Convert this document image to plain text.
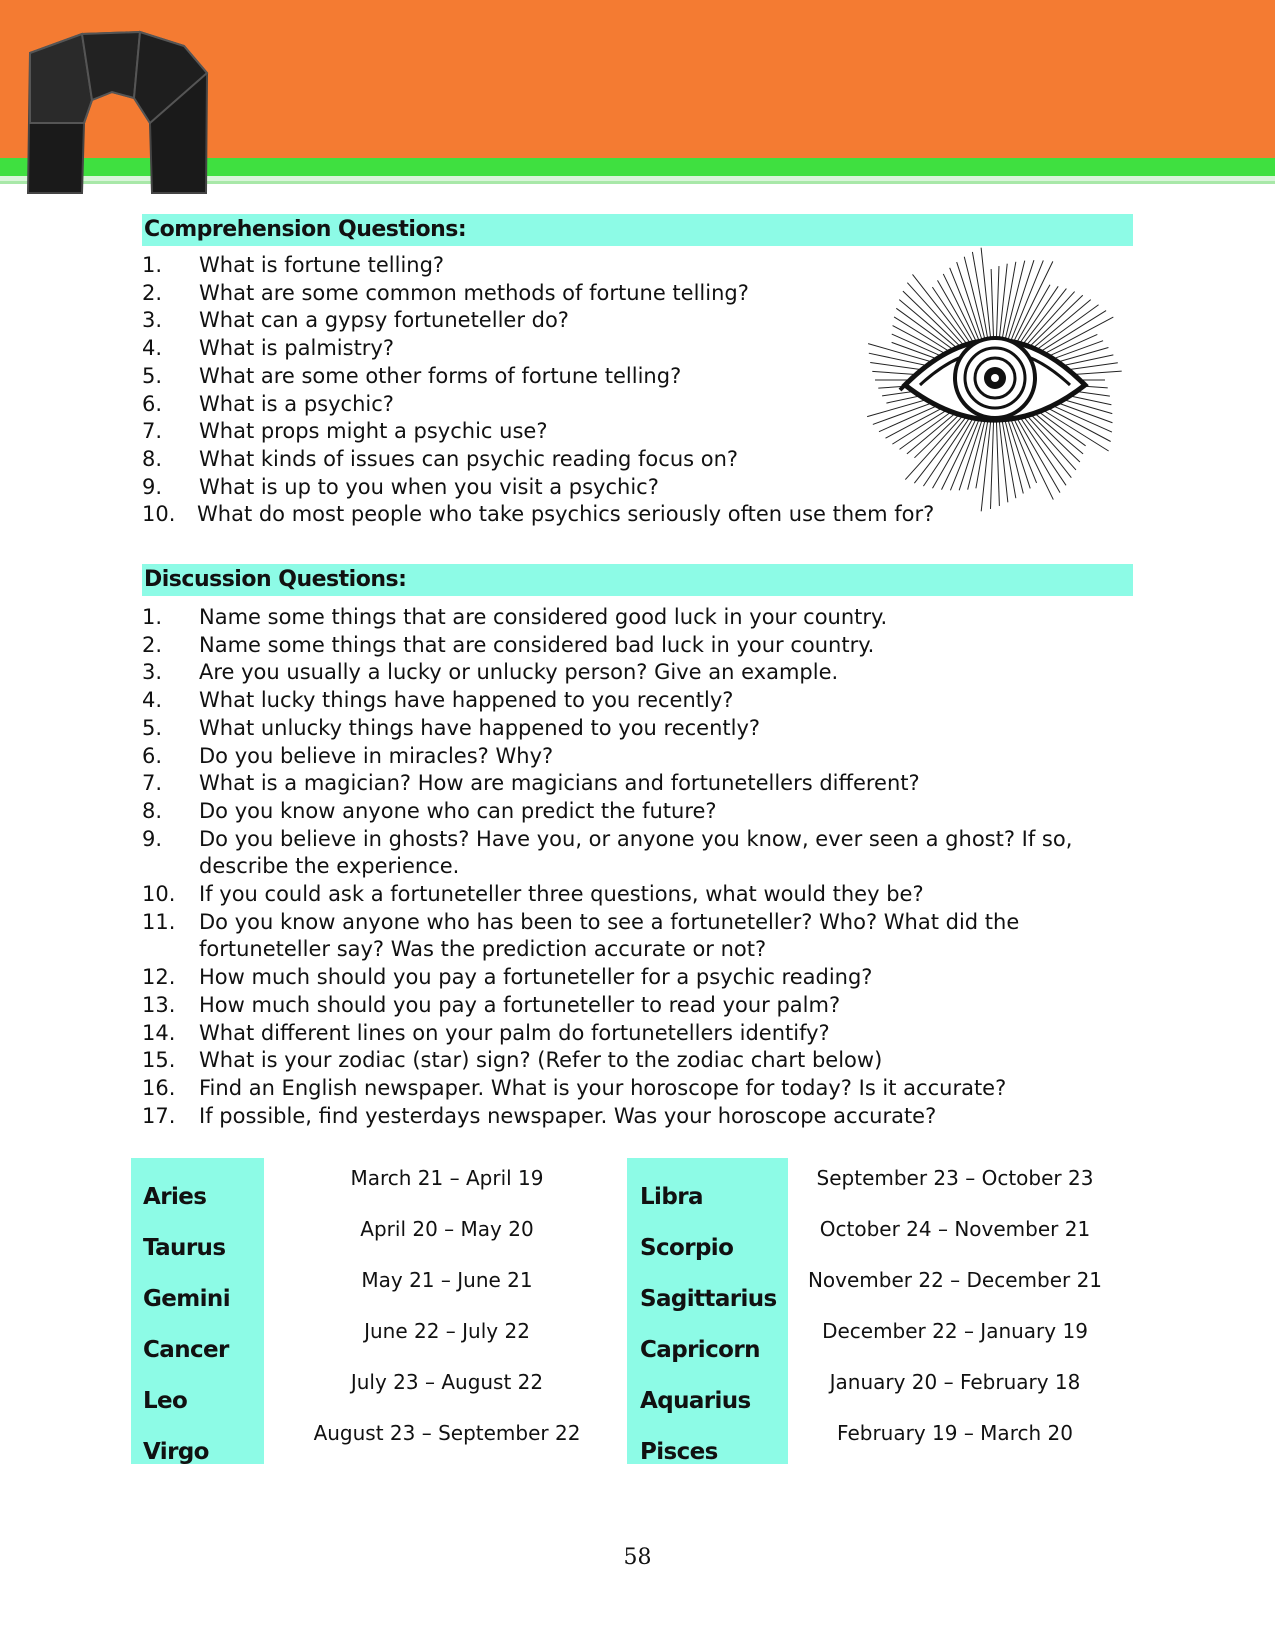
Comprehension Questions:
1. What is fortune telling?
2. What are some common methods of fortune telling?
3. What can a gypsy fortuneteller do?
4. What is palmistry?
5. What are some other forms of fortune telling?
6. What is a psychic?
7. What props might a psychic use?
8. What kinds of issues can psychic reading focus on?
9. What is up to you when you visit a psychic?
10. What do most people who take psychics seriously often use them for?
Discussion Questions:
1. Name some things that are considered good luck in your country.
2. Name some things that are considered bad luck in your country.
3. Are you usually a lucky or unlucky person? Give an example.
4. What lucky things have happened to you recently?
5. What unlucky things have happened to you recently?
6. Do you believe in miracles? Why?
7. What is a magician? How are magicians and fortunetellers different?
8. Do you know anyone who can predict the future?
9. Do you believe in ghosts? Have you, or anyone you know, ever seen a ghost? If so, describe the experience.
10. If you could ask a fortuneteller three questions, what would they be?
11. Do you know anyone who has been to see a fortuneteller? Who? What did the fortuneteller say? Was the prediction accurate or not?
12. How much should you pay a fortuneteller for a psychic reading?
13. How much should you pay a fortuneteller to read your palm?
14. What different lines on your palm do fortunetellers identify?
15. What is your zodiac (star) sign? (Refer to the zodiac chart below)
16. Find an English newspaper. What is your horoscope for today? Is it accurate?
17. If possible, find yesterdays newspaper. Was your horoscope accurate?
Aries
March 21 – April 19
Taurus
April 20 – May 20
Gemini
May 21 – June 21
Cancer
June 22 – July 22
Leo
July 23 – August 22
Virgo
August 23 – September 22
Libra
September 23 – October 23
Scorpio
October 24 – November 21
Sagittarius
November 22 – December 21
Capricorn
December 22 – January 19
Aquarius
January 20 – February 18
Pisces
February 19 – March 20
58
